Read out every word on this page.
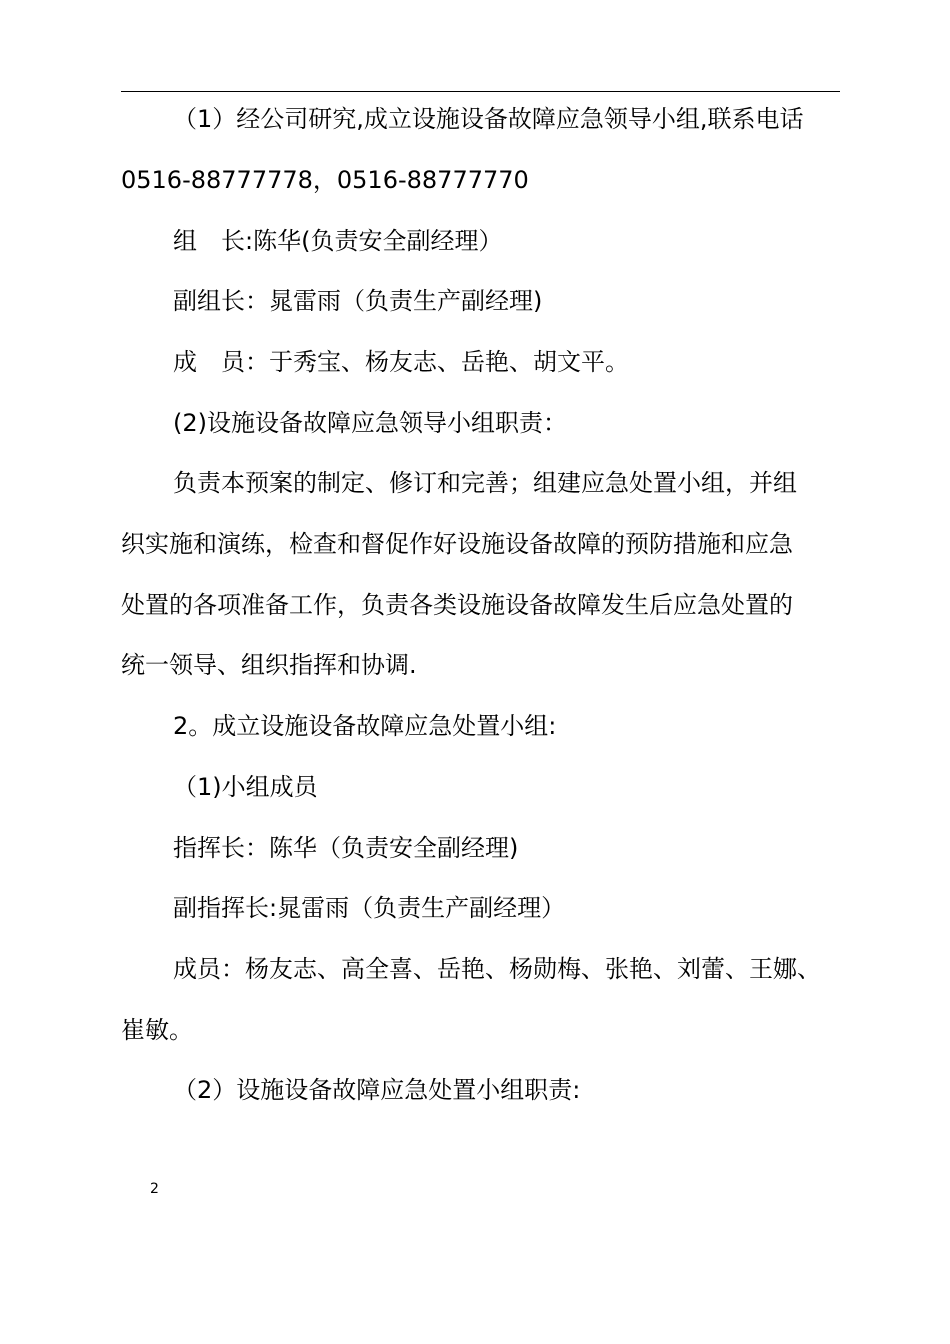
（1）经公司研究,成立设施设备故障应急领导小组,联系电话
0516-88777778，0516-88777770
组　长:陈华(负责安全副经理）
副组长：晁雷雨（负责生产副经理)
成　员：于秀宝、杨友志、岳艳、胡文平。
(2)设施设备故障应急领导小组职责：
负责本预案的制定、修订和完善；组建应急处置小组，并组
织实施和演练，检查和督促作好设施设备故障的预防措施和应急
处置的各项准备工作，负责各类设施设备故障发生后应急处置的
统一领导、组织指挥和协调.
2。成立设施设备故障应急处置小组:
（1)小组成员
指挥长：陈华（负责安全副经理)
副指挥长:晁雷雨（负责生产副经理）
成员：杨友志、高全喜、岳艳、杨勋梅、张艳、刘蕾、王娜、
崔敏。
（2）设施设备故障应急处置小组职责:
2
